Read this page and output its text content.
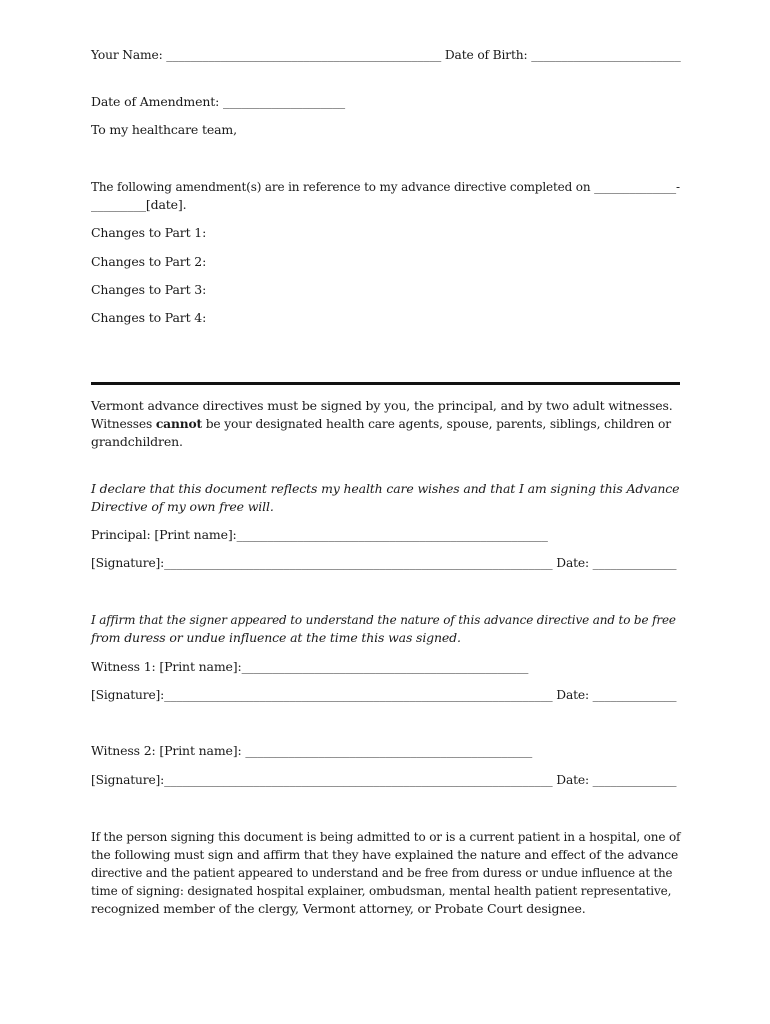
Your Name: ______________________________________________ Date of Birth: _________________________

Date of Amendment: ____________________

To my healthcare team,

The following amendment(s) are in reference to my advance directive completed on ______________-

_________[date].

Changes to Part 1:

Changes to Part 2:

Changes to Part 3:

Changes to Part 4:

Vermont advance directives must be signed by you, the principal, and by two adult witnesses.

Witnesses cannot be your designated health care agents, spouse, parents, siblings, children or

grandchildren.

I declare that this document reflects my health care wishes and that I am signing this Advance

Directive of my own free will.

Principal: [Print name]:___________________________________________________

[Signature]:_________________________________________________________________ Date: ______________

I affirm that the signer appeared to understand the nature of this advance directive and to be free

from duress or undue influence at the time this was signed.

Witness 1: [Print name]:_______________________________________________

[Signature]:_________________________________________________________________ Date: ______________

Witness 2: [Print name]: _______________________________________________

[Signature]:_________________________________________________________________ Date: ______________

If the person signing this document is being admitted to or is a current patient in a hospital, one of

the following must sign and affirm that they have explained the nature and effect of the advance

directive and the patient appeared to understand and be free from duress or undue influence at the

time of signing: designated hospital explainer, ombudsman, mental health patient representative,

recognized member of the clergy, Vermont attorney, or Probate Court designee.
